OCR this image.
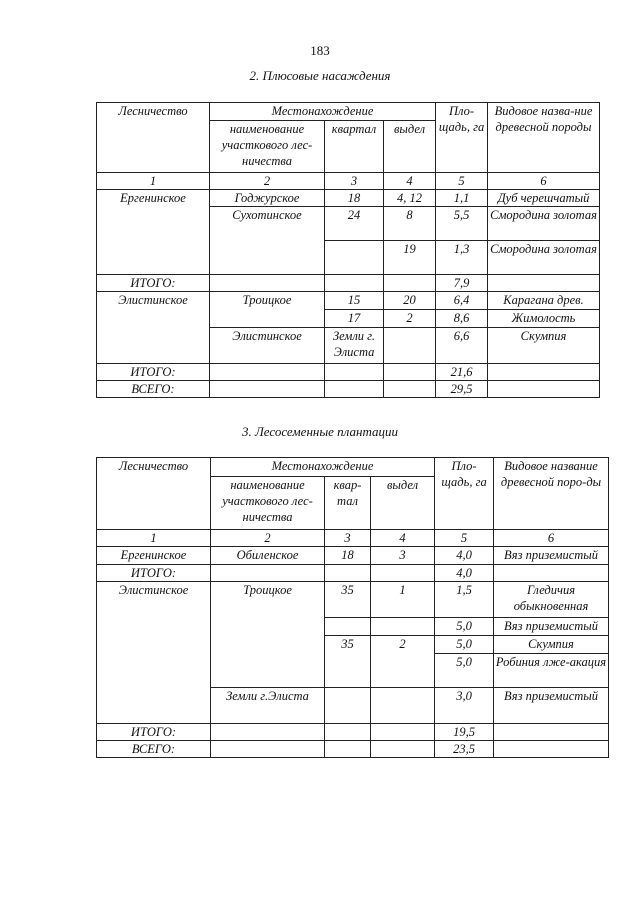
183
2. Плюсовые насаждения
Лесничество	Местонахождение			Пло-щадь, га	Видовое назва-ние древесной породы
	наименование участкового лес-ничества	квартал	выдел		
1	2	3	4	5	6
Ергенинское	Годжурское	18	4, 12	1,1	Дуб черешчатый
	Сухотинское	24	8	5,5	Смородина золотая
			19	1,3	Смородина золотая
ИТОГО:				7,9	
Элистинское	Троицкое	15	20	6,4	Карагана древ.
		17	2	8,6	Жимолость
	Элистинское	Земли г. Элиста		6,6	Скумпия
ИТОГО:				21,6	
ВСЕГО:				29,5	
3. Лесосеменные плантации
Лесничество	Местонахождение			Пло-щадь, га	Видовое название древесной поро-ды
	наименование участкового лес-ничества	квар-тал	выдел		
1	2	3	4	5	6
Ергенинское	Обиленское	18	3	4,0	Вяз приземистый
ИТОГО:				4,0	
Элистинское	Троицкое	35	1	1,5	Гледичия обыкновенная
				5,0	Вяз приземистый
		35	2	5,0	Скумпия
				5,0	Робиния лже-акация
	Земли г.Элиста			3,0	Вяз приземистый
ИТОГО:				19,5	
ВСЕГО:				23,5	
